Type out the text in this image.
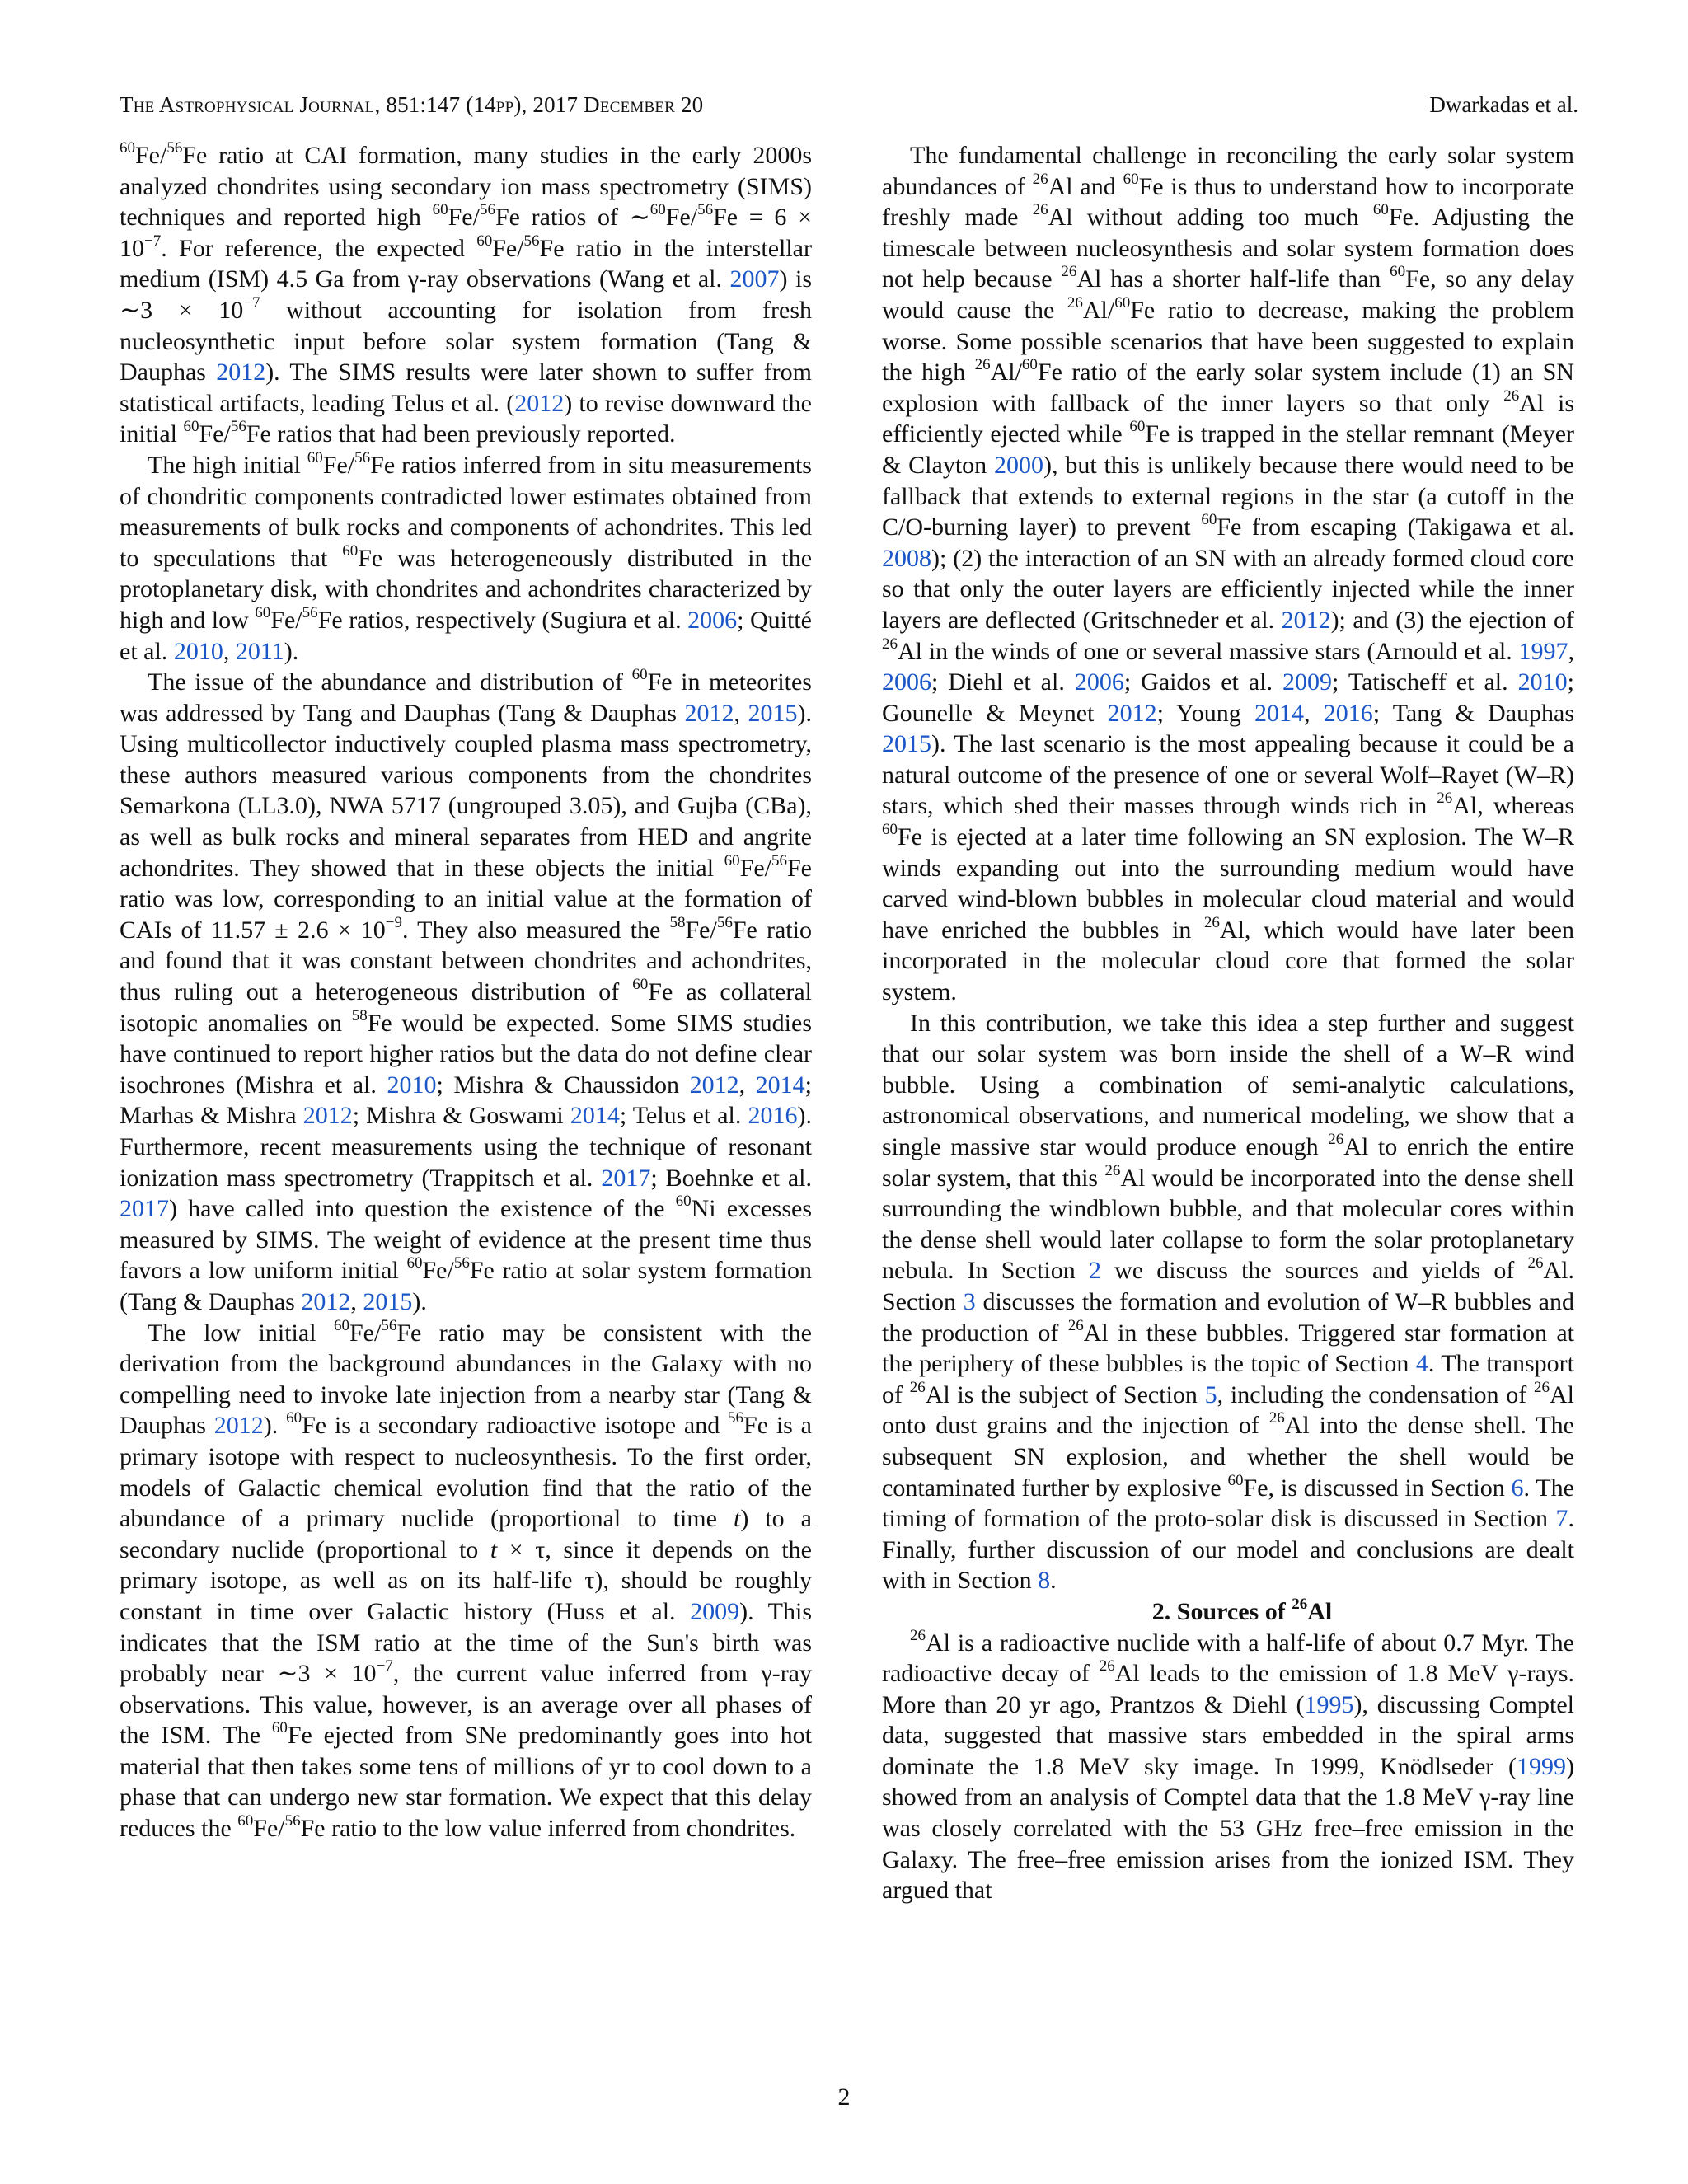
The Astrophysical Journal, 851:147 (14pp), 2017 December 20	Dwarkadas et al.

$^{60}$Fe/$^{56}$Fe ratio at CAI formation, many studies in the early 2000s analyzed chondrites using secondary ion mass spectrometry (SIMS) techniques and reported high $^{60}$Fe/$^{56}$Fe ratios of ∼$^{60}$Fe/$^{56}$Fe = $6 \times 10^{-7}$. For reference, the expected $^{60}$Fe/$^{56}$Fe ratio in the interstellar medium (ISM) 4.5 Ga from γ-ray observations (Wang et al. 2007) is ∼3 × $10^{-7}$ without accounting for isolation from fresh nucleosynthetic input before solar system formation (Tang & Dauphas 2012). The SIMS results were later shown to suffer from statistical artifacts, leading Telus et al. (2012) to revise downward the initial $^{60}$Fe/$^{56}$Fe ratios that had been previously reported.

The high initial $^{60}$Fe/$^{56}$Fe ratios inferred from in situ measurements of chondritic components contradicted lower estimates obtained from measurements of bulk rocks and components of achondrites. This led to speculations that $^{60}$Fe was heterogeneously distributed in the protoplanetary disk, with chondrites and achondrites characterized by high and low $^{60}$Fe/$^{56}$Fe ratios, respectively (Sugiura et al. 2006; Quitté et al. 2010, 2011).

The issue of the abundance and distribution of $^{60}$Fe in meteorites was addressed by Tang and Dauphas (Tang & Dauphas 2012, 2015). Using multicollector inductively coupled plasma mass spectrometry, these authors measured various components from the chondrites Semarkona (LL3.0), NWA 5717 (ungrouped 3.05), and Gujba (CBa), as well as bulk rocks and mineral separates from HED and angrite achondrites. They showed that in these objects the initial $^{60}$Fe/$^{56}$Fe ratio was low, corresponding to an initial value at the formation of CAIs of $11.57 \pm 2.6 \times 10^{-9}$. They also measured the $^{58}$Fe/$^{56}$Fe ratio and found that it was constant between chondrites and achondrites, thus ruling out a heterogeneous distribution of $^{60}$Fe as collateral isotopic anomalies on $^{58}$Fe would be expected. Some SIMS studies have continued to report higher ratios but the data do not define clear isochrones (Mishra et al. 2010; Mishra & Chaussidon 2012, 2014; Marhas & Mishra 2012; Mishra & Goswami 2014; Telus et al. 2016). Furthermore, recent measurements using the technique of resonant ionization mass spectrometry (Trappitsch et al. 2017; Boehnke et al. 2017) have called into question the existence of the $^{60}$Ni excesses measured by SIMS. The weight of evidence at the present time thus favors a low uniform initial $^{60}$Fe/$^{56}$Fe ratio at solar system formation (Tang & Dauphas 2012, 2015).

The low initial $^{60}$Fe/$^{56}$Fe ratio may be consistent with the derivation from the background abundances in the Galaxy with no compelling need to invoke late injection from a nearby star (Tang & Dauphas 2012). $^{60}$Fe is a secondary radioactive isotope and $^{56}$Fe is a primary isotope with respect to nucleosynthesis. To the first order, models of Galactic chemical evolution find that the ratio of the abundance of a primary nuclide (proportional to time t) to a secondary nuclide (proportional to t × τ, since it depends on the primary isotope, as well as on its half-life τ), should be roughly constant in time over Galactic history (Huss et al. 2009). This indicates that the ISM ratio at the time of the Sun's birth was probably near ∼3 × $10^{-7}$, the current value inferred from γ-ray observations. This value, however, is an average over all phases of the ISM. The $^{60}$Fe ejected from SNe predominantly goes into hot material that then takes some tens of millions of yr to cool down to a phase that can undergo new star formation. We expect that this delay reduces the $^{60}$Fe/$^{56}$Fe ratio to the low value inferred from chondrites.

The fundamental challenge in reconciling the early solar system abundances of $^{26}$Al and $^{60}$Fe is thus to understand how to incorporate freshly made $^{26}$Al without adding too much $^{60}$Fe. Adjusting the timescale between nucleosynthesis and solar system formation does not help because $^{26}$Al has a shorter half-life than $^{60}$Fe, so any delay would cause the $^{26}$Al/$^{60}$Fe ratio to decrease, making the problem worse. Some possible scenarios that have been suggested to explain the high $^{26}$Al/$^{60}$Fe ratio of the early solar system include (1) an SN explosion with fallback of the inner layers so that only $^{26}$Al is efficiently ejected while $^{60}$Fe is trapped in the stellar remnant (Meyer & Clayton 2000), but this is unlikely because there would need to be fallback that extends to external regions in the star (a cutoff in the C/O-burning layer) to prevent $^{60}$Fe from escaping (Takigawa et al. 2008); (2) the interaction of an SN with an already formed cloud core so that only the outer layers are efficiently injected while the inner layers are deflected (Gritschneder et al. 2012); and (3) the ejection of $^{26}$Al in the winds of one or several massive stars (Arnould et al. 1997, 2006; Diehl et al. 2006; Gaidos et al. 2009; Tatischeff et al. 2010; Gounelle & Meynet 2012; Young 2014, 2016; Tang & Dauphas 2015). The last scenario is the most appealing because it could be a natural outcome of the presence of one or several Wolf–Rayet (W–R) stars, which shed their masses through winds rich in $^{26}$Al, whereas $^{60}$Fe is ejected at a later time following an SN explosion. The W–R winds expanding out into the surrounding medium would have carved wind-blown bubbles in molecular cloud material and would have enriched the bubbles in $^{26}$Al, which would have later been incorporated in the molecular cloud core that formed the solar system.

In this contribution, we take this idea a step further and suggest that our solar system was born inside the shell of a W–R wind bubble. Using a combination of semi-analytic calculations, astronomical observations, and numerical modeling, we show that a single massive star would produce enough $^{26}$Al to enrich the entire solar system, that this $^{26}$Al would be incorporated into the dense shell surrounding the windblown bubble, and that molecular cores within the dense shell would later collapse to form the solar protoplanetary nebula. In Section 2 we discuss the sources and yields of $^{26}$Al. Section 3 discusses the formation and evolution of W–R bubbles and the production of $^{26}$Al in these bubbles. Triggered star formation at the periphery of these bubbles is the topic of Section 4. The transport of $^{26}$Al is the subject of Section 5, including the condensation of $^{26}$Al onto dust grains and the injection of $^{26}$Al into the dense shell. The subsequent SN explosion, and whether the shell would be contaminated further by explosive $^{60}$Fe, is discussed in Section 6. The timing of formation of the proto-solar disk is discussed in Section 7. Finally, further discussion of our model and conclusions are dealt with in Section 8.

2. Sources of $^{26}$Al

$^{26}$Al is a radioactive nuclide with a half-life of about 0.7 Myr. The radioactive decay of $^{26}$Al leads to the emission of 1.8 MeV γ-rays. More than 20 yr ago, Prantzos & Diehl (1995), discussing Comptel data, suggested that massive stars embedded in the spiral arms dominate the 1.8 MeV sky image. In 1999, Knödlseder (1999) showed from an analysis of Comptel data that the 1.8 MeV γ-ray line was closely correlated with the 53 GHz free–free emission in the Galaxy. The free–free emission arises from the ionized ISM. They argued that

2
